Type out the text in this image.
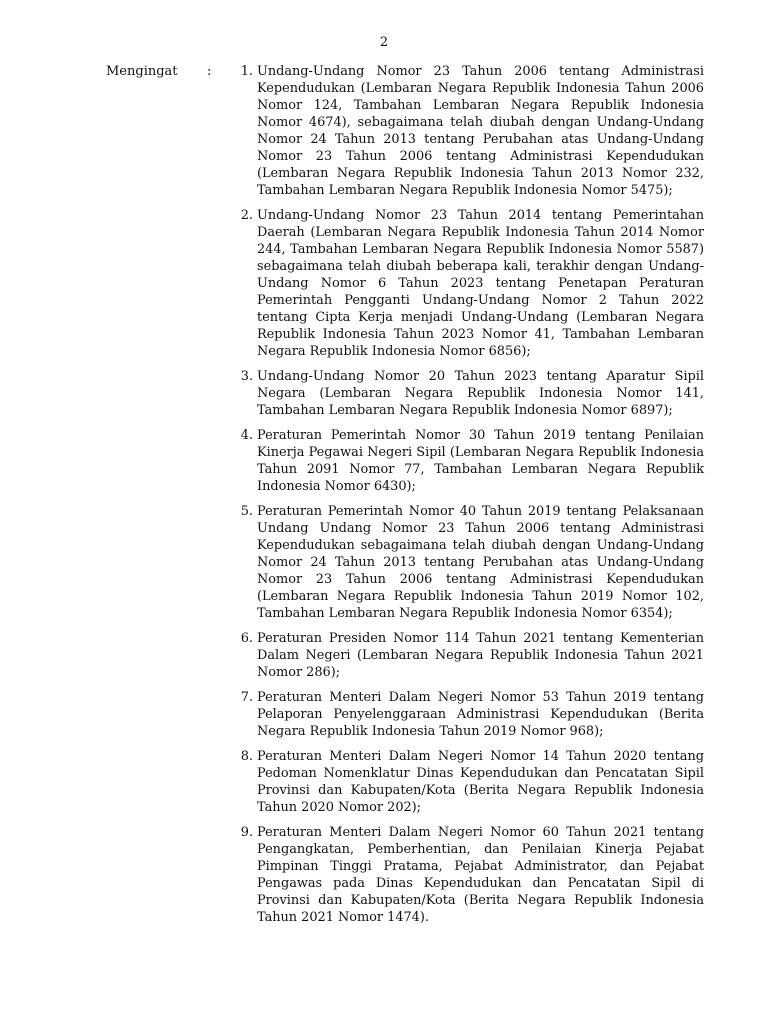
2
Mengingat :	1. Undang-Undang Nomor 23 Tahun 2006 tentang Administrasi Kependudukan (Lembaran Negara Republik Indonesia Tahun 2006 Nomor 124, Tambahan Lembaran Negara Republik Indonesia Nomor 4674), sebagaimana telah diubah dengan Undang-Undang Nomor 24 Tahun 2013 tentang Perubahan atas Undang-Undang Nomor 23 Tahun 2006 tentang Administrasi Kependudukan (Lembaran Negara Republik Indonesia Tahun 2013 Nomor 232, Tambahan Lembaran Negara Republik Indonesia Nomor 5475);
2. Undang-Undang Nomor 23 Tahun 2014 tentang Pemerintahan Daerah (Lembaran Negara Republik Indonesia Tahun 2014 Nomor 244, Tambahan Lembaran Negara Republik Indonesia Nomor 5587) sebagaimana telah diubah beberapa kali, terakhir dengan Undang-Undang Nomor 6 Tahun 2023 tentang Penetapan Peraturan Pemerintah Pengganti Undang-Undang Nomor 2 Tahun 2022 tentang Cipta Kerja menjadi Undang-Undang (Lembaran Negara Republik Indonesia Tahun 2023 Nomor 41, Tambahan Lembaran Negara Republik Indonesia Nomor 6856);
3. Undang-Undang Nomor 20 Tahun 2023 tentang Aparatur Sipil Negara (Lembaran Negara Republik Indonesia Nomor 141, Tambahan Lembaran Negara Republik Indonesia Nomor 6897);
4. Peraturan Pemerintah Nomor 30 Tahun 2019 tentang Penilaian Kinerja Pegawai Negeri Sipil (Lembaran Negara Republik Indonesia Tahun 2091 Nomor 77, Tambahan Lembaran Negara Republik Indonesia Nomor 6430);
5. Peraturan Pemerintah Nomor 40 Tahun 2019 tentang Pelaksanaan Undang Undang Nomor 23 Tahun 2006 tentang Administrasi Kependudukan sebagaimana telah diubah dengan Undang-Undang Nomor 24 Tahun 2013 tentang Perubahan atas Undang-Undang Nomor 23 Tahun 2006 tentang Administrasi Kependudukan (Lembaran Negara Republik Indonesia Tahun 2019 Nomor 102, Tambahan Lembaran Negara Republik Indonesia Nomor 6354);
6. Peraturan Presiden Nomor 114 Tahun 2021 tentang Kementerian Dalam Negeri (Lembaran Negara Republik Indonesia Tahun 2021 Nomor 286);
7. Peraturan Menteri Dalam Negeri Nomor 53 Tahun 2019 tentang Pelaporan Penyelenggaraan Administrasi Kependudukan (Berita Negara Republik Indonesia Tahun 2019 Nomor 968);
8. Peraturan Menteri Dalam Negeri Nomor 14 Tahun 2020 tentang Pedoman Nomenklatur Dinas Kependudukan dan Pencatatan Sipil Provinsi dan Kabupaten/Kota (Berita Negara Republik Indonesia Tahun 2020 Nomor 202);
9. Peraturan Menteri Dalam Negeri Nomor 60 Tahun 2021 tentang Pengangkatan, Pemberhentian, dan Penilaian Kinerja Pejabat Pimpinan Tinggi Pratama, Pejabat Administrator, dan Pejabat Pengawas pada Dinas Kependudukan dan Pencatatan Sipil di Provinsi dan Kabupaten/Kota (Berita Negara Republik Indonesia Tahun 2021 Nomor 1474).
